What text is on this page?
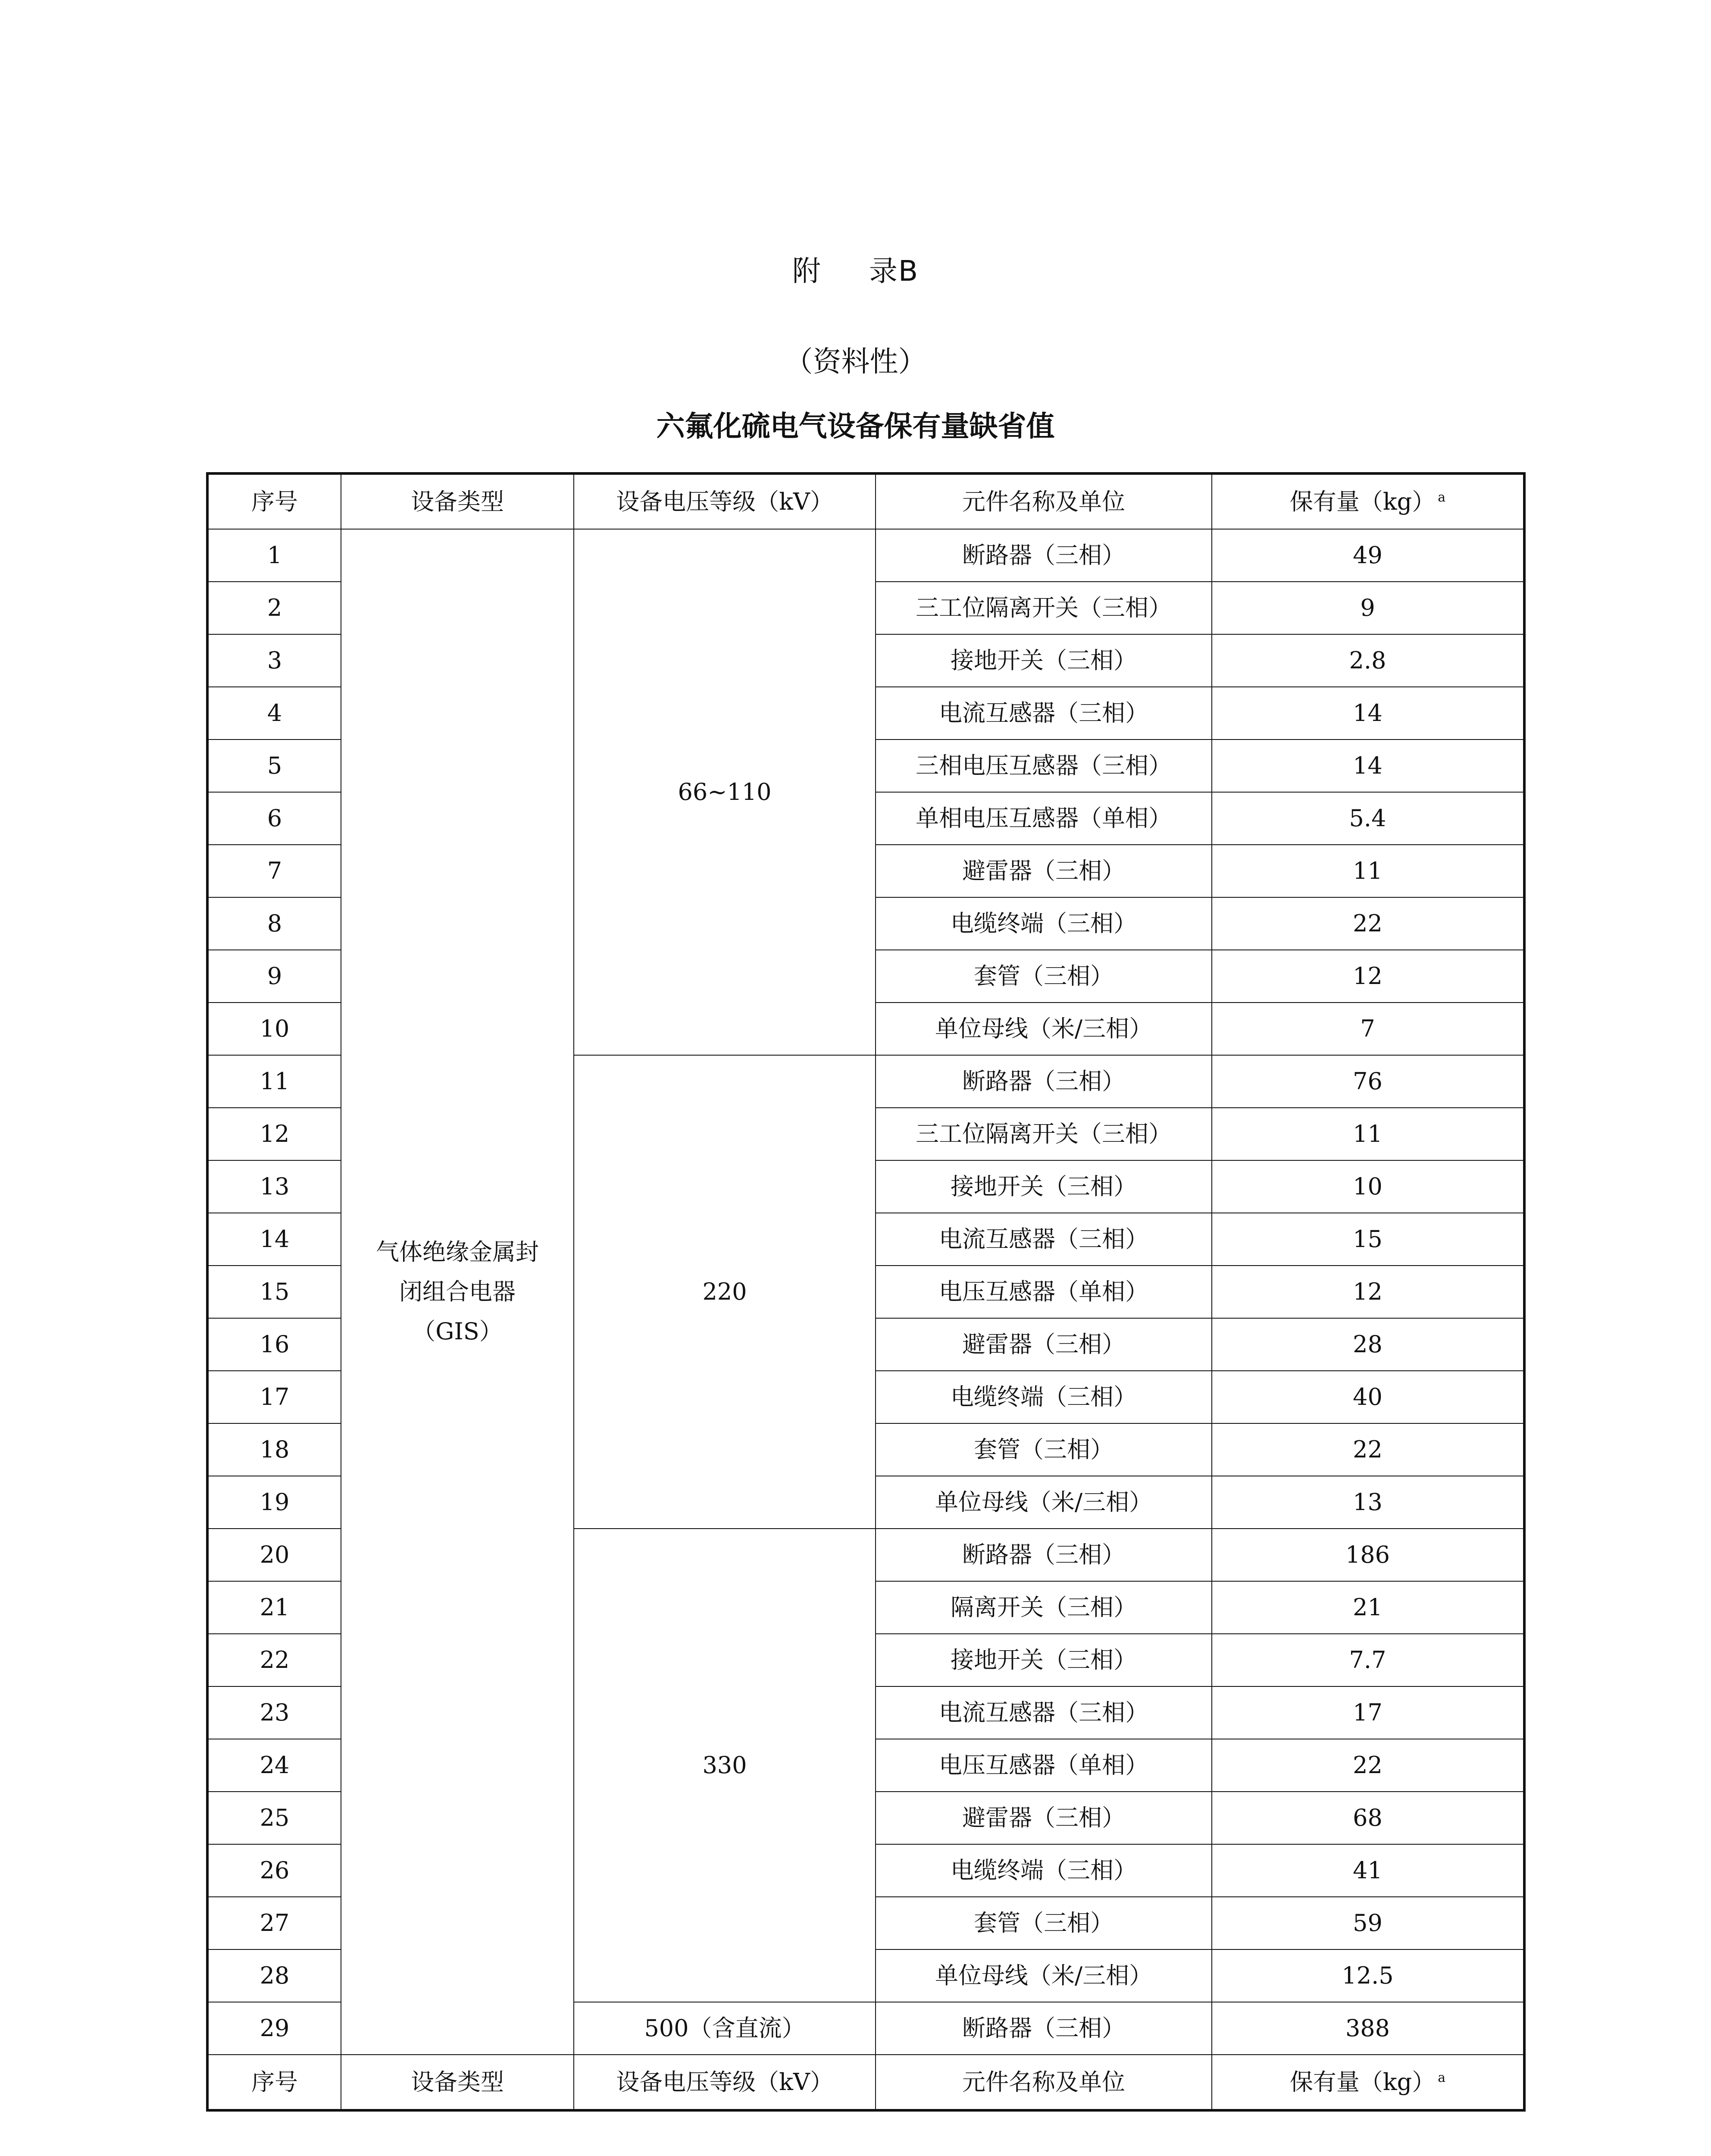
附 录B
（资料性）
六氟化硫电气设备保有量缺省值
序号	设备类型	设备电压等级（kV）	元件名称及单位	保有量（kg） $^a$
1	气体绝缘金属封
闭组合电器
（GIS）	66~110	断路器（三相）	49
2			三工位隔离开关（三相）	9
3			接地开关（三相）	2.8
4			电流互感器（三相）	14
5			三相电压互感器（三相）	14
6			单相电压互感器（单相）	5.4
7			避雷器（三相）	11
8			电缆终端（三相）	22
9			套管（三相）	12
10			单位母线（米/三相）	7
11		220	断路器（三相）	76
12			三工位隔离开关（三相）	11
13			接地开关（三相）	10
14			电流互感器（三相）	15
15			电压互感器（单相）	12
16			避雷器（三相）	28
17			电缆终端（三相）	40
18			套管（三相）	22
19			单位母线（米/三相）	13
20		330	断路器（三相）	186
21			隔离开关（三相）	21
22			接地开关（三相）	7.7
23			电流互感器（三相）	17
24			电压互感器（单相）	22
25			避雷器（三相）	68
26			电缆终端（三相）	41
27			套管（三相）	59
28			单位母线（米/三相）	12.5
29		500（含直流）	断路器（三相）	388
序号	设备类型	设备电压等级（kV）	元件名称及单位	保有量（kg） $^a$
